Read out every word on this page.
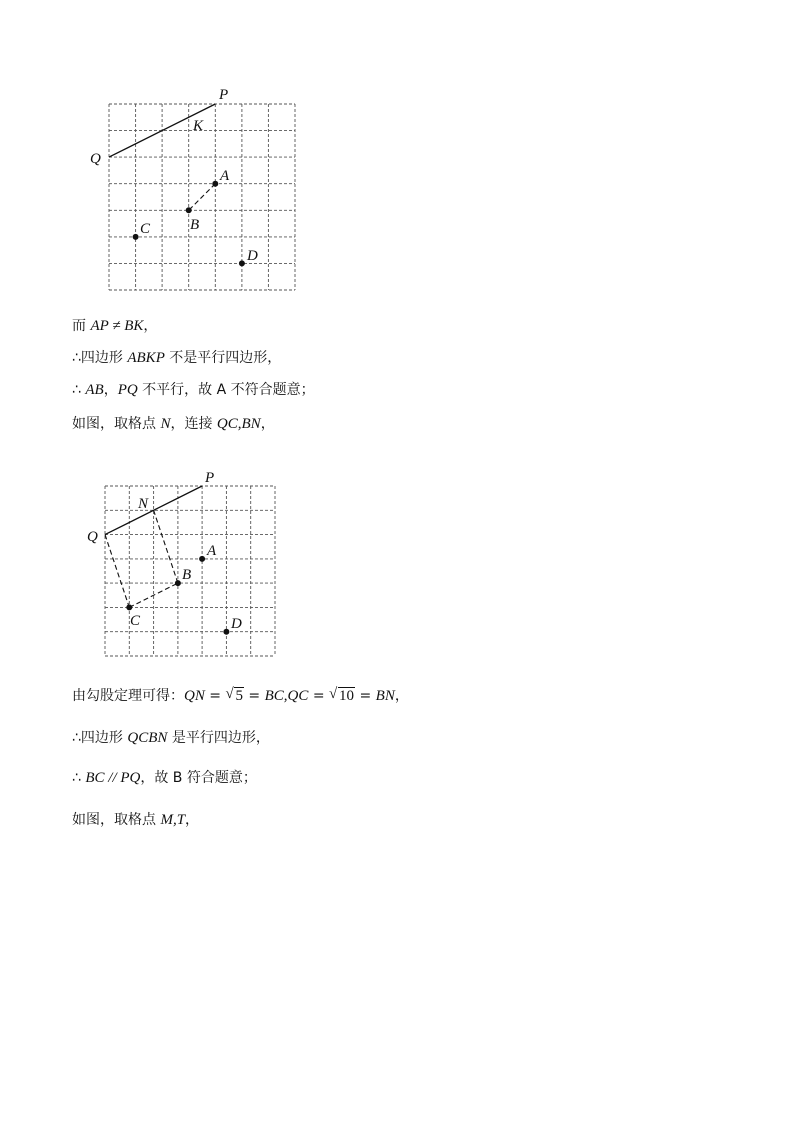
P
K
Q
A
B
C
D
而 AP ≠ BK，
∴四边形 ABKP 不是平行四边形，
∴ AB，PQ 不平行，故 A 不符合题意；
如图，取格点 N，连接 QC,BN，
P
N
Q
A
B
C	D
由勾股定理可得：QN = √ 5 = BC,QC = √ 10 = BN，
∴四边形 QCBN 是平行四边形，
∴ BC // PQ，故 B 符合题意；
如图，取格点 M,T，
